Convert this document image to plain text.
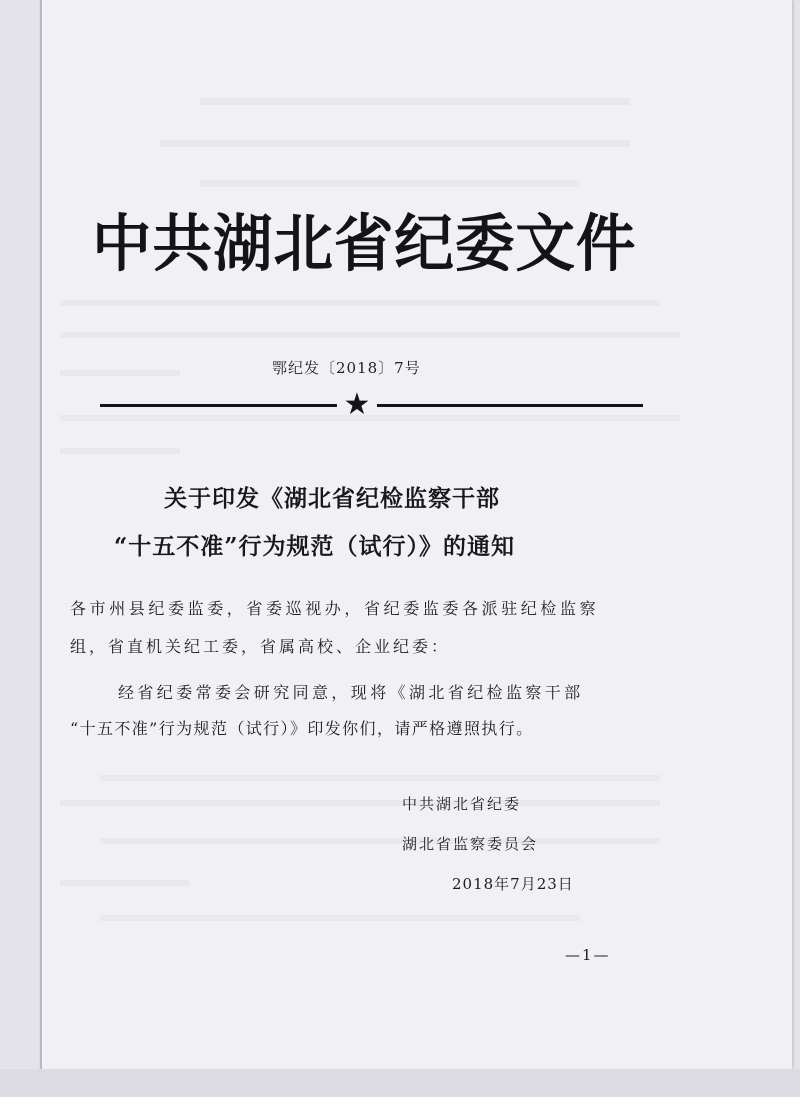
中共湖北省纪委文件
鄂纪发〔2018〕7号
★
关于印发《湖北省纪检监察干部
“十五不准”行为规范（试行）》的通知
各市州县纪委监委，省委巡视办，省纪委监委各派驻纪检监察
组，省直机关纪工委，省属高校、企业纪委：
经省纪委常委会研究同意，现将《湖北省纪检监察干部
“十五不准”行为规范（试行）》印发你们，请严格遵照执行。
中共湖北省纪委
湖北省监察委员会
2018年7月23日
—1—
